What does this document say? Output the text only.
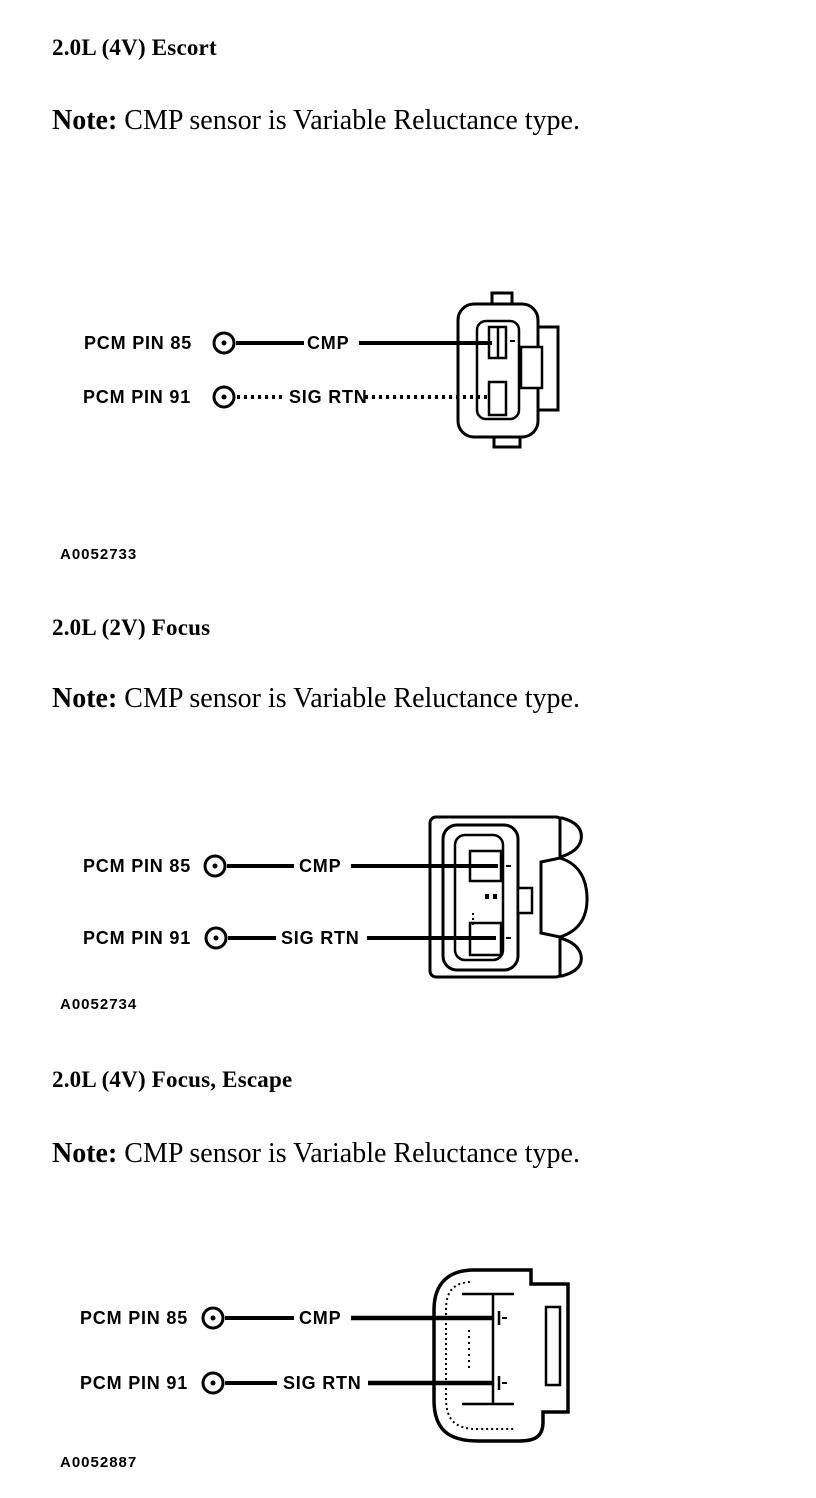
2.0L (4V) Escort
Note: CMP sensor is Variable Reluctance type.
PCM PIN 85	CMP
PCM PIN 91	SIG RTN
A0052733
2.0L (2V) Focus
Note: CMP sensor is Variable Reluctance type.
PCM PIN 85	CMP
PCM PIN 91	SIG RTN
A0052734
2.0L (4V) Focus, Escape
Note: CMP sensor is Variable Reluctance type.
PCM PIN 85	CMP
PCM PIN 91	SIG RTN
A0052887
